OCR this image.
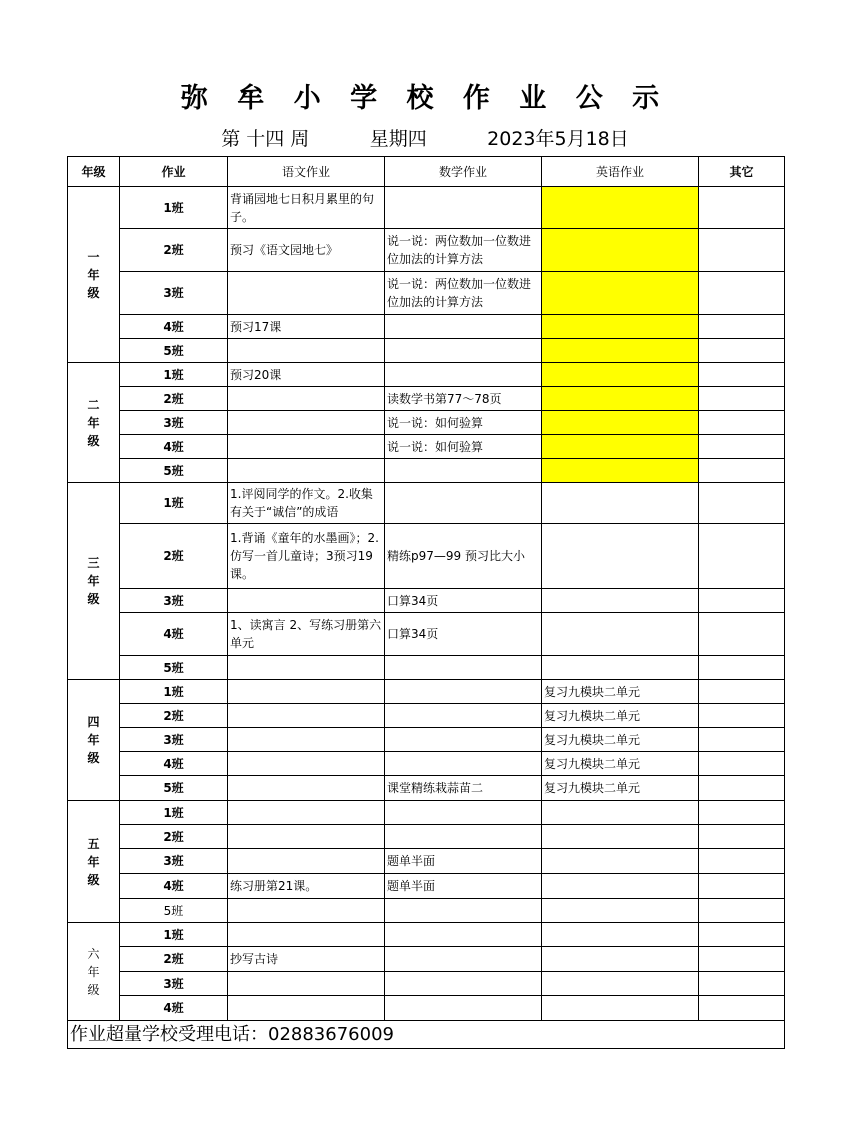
弥 牟 小 学 校 作 业 公 示
第 十四 周	星期四	2023年5月18日
年级	作业	语文作业	数学作业	英语作业	其它

一
年
级	1班	背诵园地七日积月累里的句子。			
	2班	预习《语文园地七》	说一说：两位数加一位数进位加法的计算方法		
	3班		说一说：两位数加一位数进位加法的计算方法		
	4班	预习17课			
	5班				

二
年
级	1班	预习20课			
	2班		读数学书第77～78页		
	3班		说一说：如何验算		
	4班		说一说：如何验算		
	5班				

三
年
级	1班	1.评阅同学的作文。2.收集有关于“诚信”的成语			
	2班	1.背诵《童年的水墨画》；2.仿写一首儿童诗；3预习19课。	精练p97—99 预习比大小		
	3班		口算34页		
	4班	1、读寓言 2、写练习册第六单元	口算34页		
	5班				

四
年
级	1班			复习九模块二单元	
	2班			复习九模块二单元	
	3班			复习九模块二单元	
	4班			复习九模块二单元	
	5班		课堂精练栽蒜苗二	复习九模块二单元	

五
年
级	1班				
	2班				
	3班		题单半面		
	4班	练习册第21课。	题单半面		
	5班				

六
年
级	1班				
	2班	抄写古诗			
	3班				
	4班				
作业超量学校受理电话：02883676009					
